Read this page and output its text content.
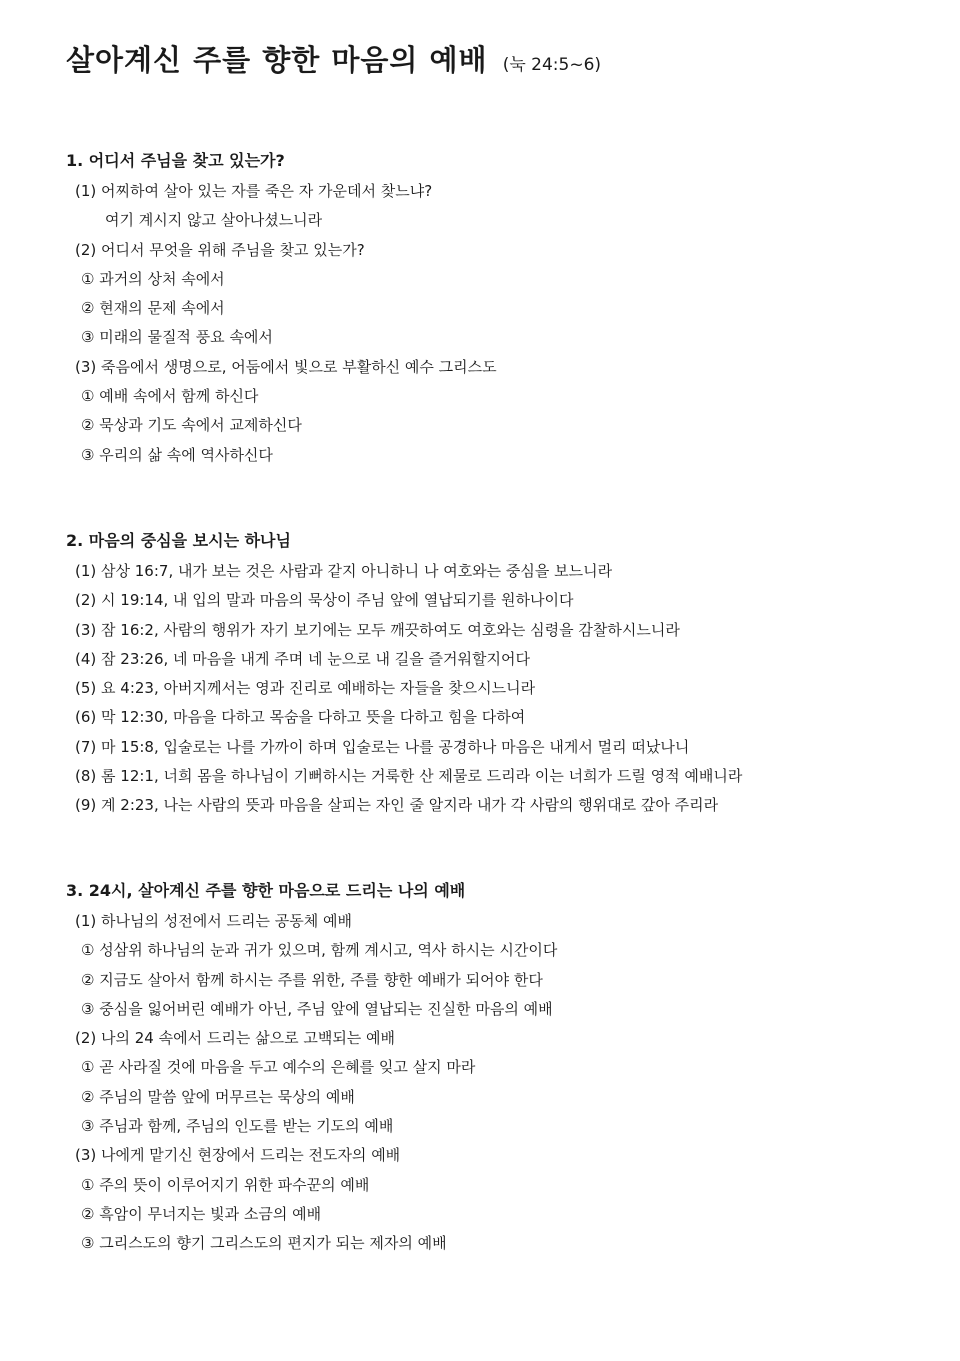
살아계신 주를 향한 마음의 예배 (눅 24:5~6)
1. 어디서 주님을 찾고 있는가?
(1) 어찌하여 살아 있는 자를 죽은 자 가운데서 찾느냐?
여기 계시지 않고 살아나셨느니라
(2) 어디서 무엇을 위해 주님을 찾고 있는가?
① 과거의 상처 속에서
② 현재의 문제 속에서
③ 미래의 물질적 풍요 속에서
(3) 죽음에서 생명으로, 어둠에서 빛으로 부활하신 예수 그리스도
① 예배 속에서 함께 하신다
② 묵상과 기도 속에서 교제하신다
③ 우리의 삶 속에 역사하신다
2. 마음의 중심을 보시는 하나님
(1) 삼상 16:7, 내가 보는 것은 사람과 같지 아니하니 나 여호와는 중심을 보느니라
(2) 시 19:14, 내 입의 말과 마음의 묵상이 주님 앞에 열납되기를 원하나이다
(3) 잠 16:2, 사람의 행위가 자기 보기에는 모두 깨끗하여도 여호와는 심령을 감찰하시느니라
(4) 잠 23:26, 네 마음을 내게 주며 네 눈으로 내 길을 즐거워할지어다
(5) 요 4:23, 아버지께서는 영과 진리로 예배하는 자들을 찾으시느니라
(6) 막 12:30, 마음을 다하고 목숨을 다하고 뜻을 다하고 힘을 다하여
(7) 마 15:8, 입술로는 나를 가까이 하며 입술로는 나를 공경하나 마음은 내게서 멀리 떠났나니
(8) 롬 12:1, 너희 몸을 하나님이 기뻐하시는 거룩한 산 제물로 드리라 이는 너희가 드릴 영적 예배니라
(9) 계 2:23, 나는 사람의 뜻과 마음을 살피는 자인 줄 알지라 내가 각 사람의 행위대로 갚아 주리라
3. 24시, 살아계신 주를 향한 마음으로 드리는 나의 예배
(1) 하나님의 성전에서 드리는 공동체 예배
① 성삼위 하나님의 눈과 귀가 있으며, 함께 계시고, 역사 하시는 시간이다
② 지금도 살아서 함께 하시는 주를 위한, 주를 향한 예배가 되어야 한다
③ 중심을 잃어버린 예배가 아닌, 주님 앞에 열납되는 진실한 마음의 예배
(2) 나의 24 속에서 드리는 삶으로 고백되는 예배
① 곧 사라질 것에 마음을 두고 예수의 은혜를 잊고 살지 마라
② 주님의 말씀 앞에 머무르는 묵상의 예배
③ 주님과 함께, 주님의 인도를 받는 기도의 예배
(3) 나에게 맡기신 현장에서 드리는 전도자의 예배
① 주의 뜻이 이루어지기 위한 파수꾼의 예배
② 흑암이 무너지는 빛과 소금의 예배
③ 그리스도의 향기 그리스도의 편지가 되는 제자의 예배
